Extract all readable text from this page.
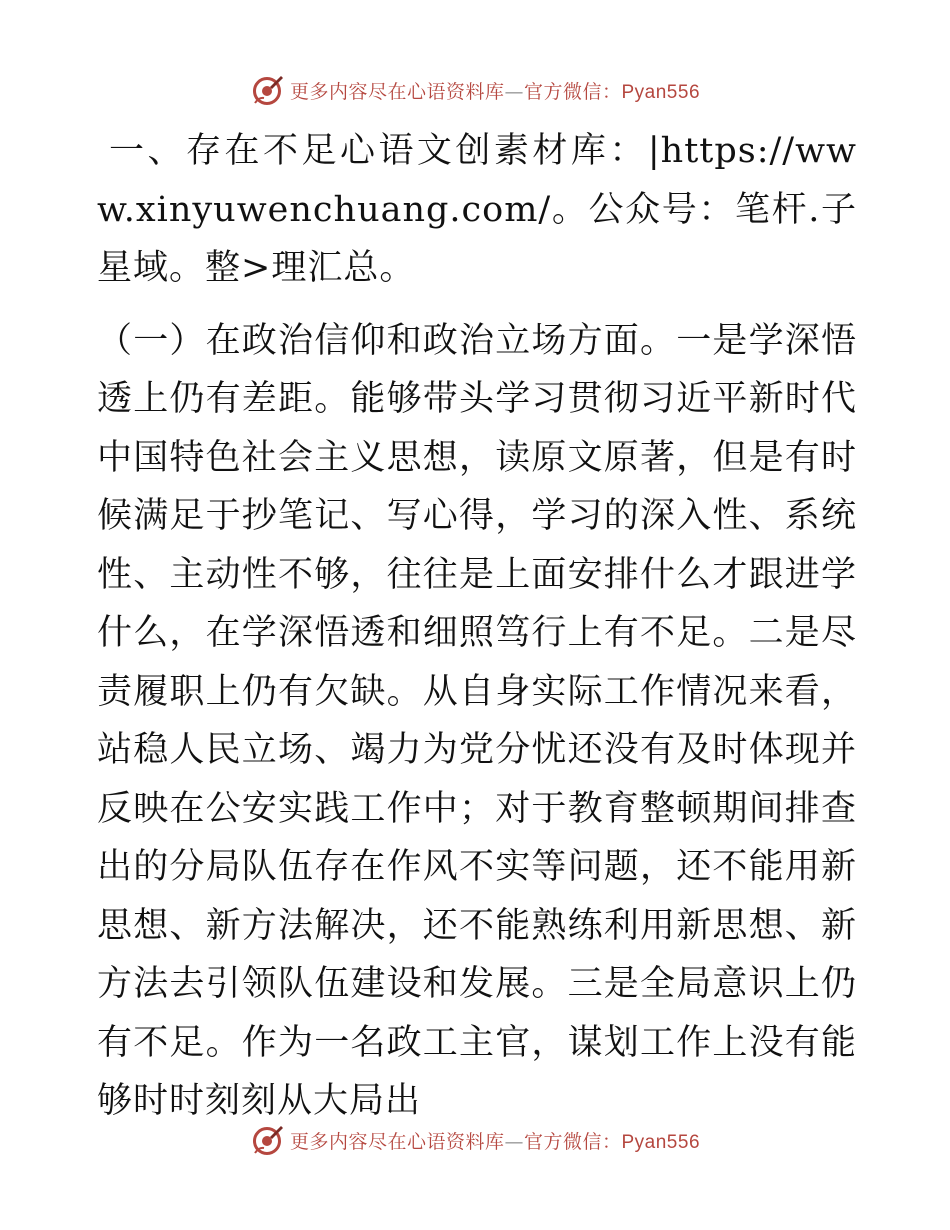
更多内容尽在心语资料库—官方微信：Pyan556

一、存在不足心语文创素材库：|https://www.xinyuwenchuang.com/。公众号：笔杆.子星域。整>理汇总。

（一）在政治信仰和政治立场方面。一是学深悟透上仍有差距。能够带头学习贯彻习近平新时代中国特色社会主义思想，读原文原著，但是有时候满足于抄笔记、写心得，学习的深入性、系统性、主动性不够，往往是上面安排什么才跟进学什么，在学深悟透和细照笃行上有不足。二是尽责履职上仍有欠缺。从自身实际工作情况来看，站稳人民立场、竭力为党分忧还没有及时体现并反映在公安实践工作中；对于教育整顿期间排查出的分局队伍存在作风不实等问题，还不能用新思想、新方法解决，还不能熟练利用新思想、新方法去引领队伍建设和发展。三是全局意识上仍有不足。作为一名政工主官，谋划工作上没有能够时时刻刻从大局出

更多内容尽在心语资料库—官方微信：Pyan556
